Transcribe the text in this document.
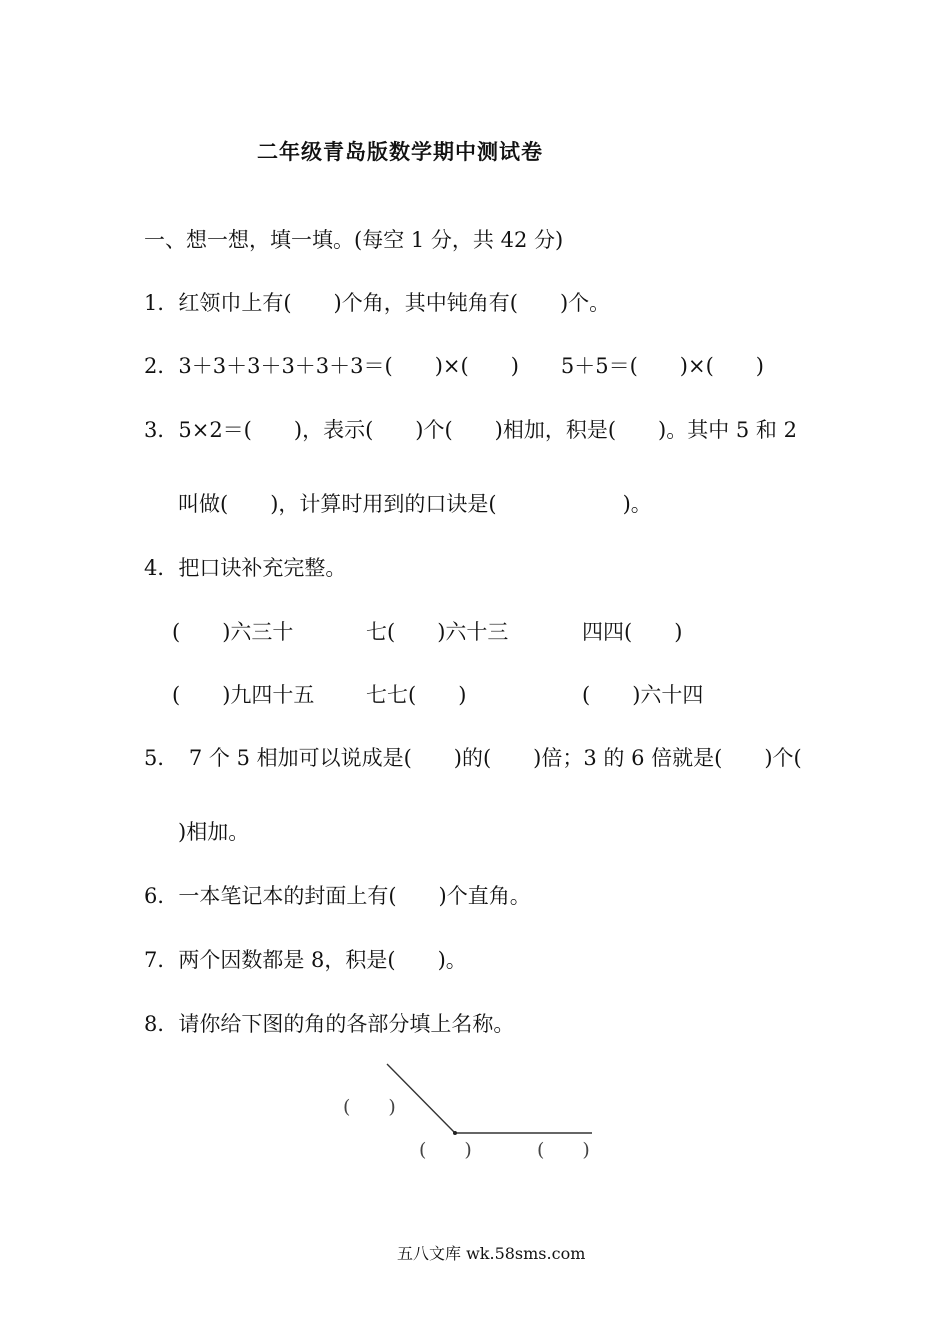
二年级青岛版数学期中测试卷
一、想一想，填一填。(每空 1 分，共 42 分)
1．红领巾上有(　　)个角，其中钝角有(　　)个。
2．3＋3＋3＋3＋3＋3＝(　　)×(　　)　　5＋5＝(　　)×(　　)
3．5×2＝(　　)，表示(　　)个(　　)相加，积是(　　)。其中 5 和 2
叫做(　　)，计算时用到的口诀是(　　　　　　)。
4．把口诀补充完整。
(　　)六三十	七(　　)六十三	四四(　　)
(　　)九四十五 七七(　　)	(　　)六十四
5．　7 个 5 相加可以说成是(　　)的(　　)倍；3 的 6 倍就是(　　)个(
)相加。
6．一本笔记本的封面上有(　　)个直角。
7．两个因数都是 8，积是(　　)。
8．请你给下图的角的各部分填上名称。
(　　)
(　　)	(　　)
五八文库 wk.58sms.com
